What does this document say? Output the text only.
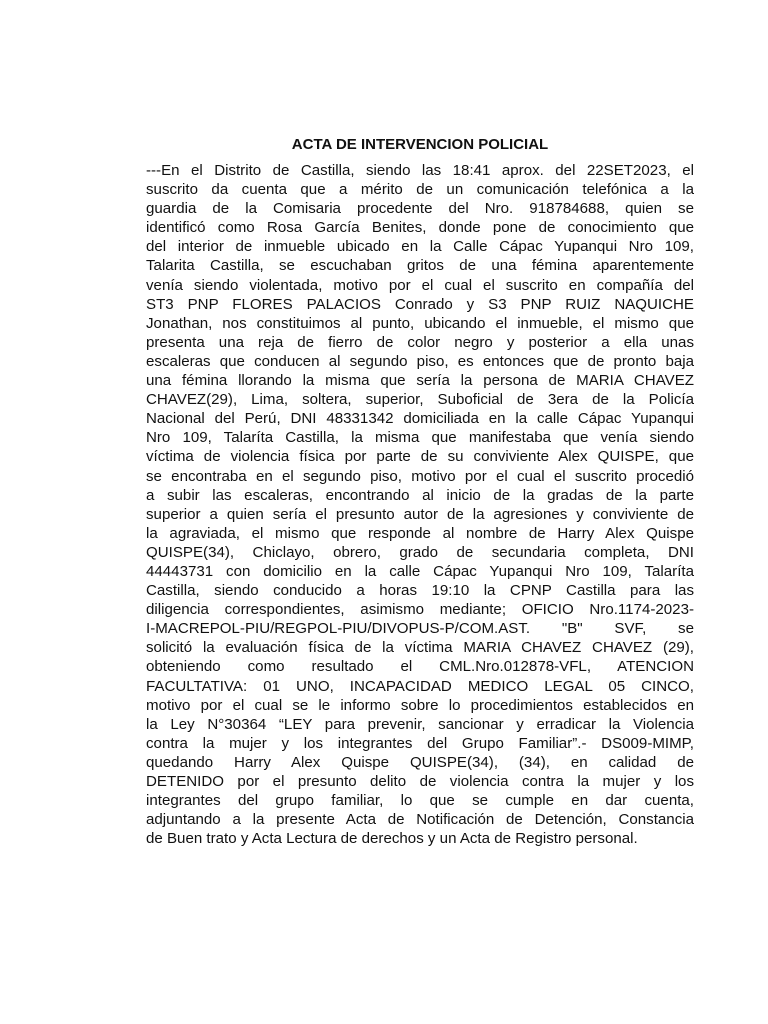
ACTA DE INTERVENCION POLICIAL
---En el Distrito de Castilla, siendo las 18:41 aprox. del 22SET2023, el
suscrito da cuenta que a mérito de un comunicación telefónica a la
guardia de la Comisaria procedente del Nro. 918784688, quien se
identificó como Rosa García Benites, donde pone de conocimiento que
del interior de inmueble ubicado en la Calle Cápac Yupanqui Nro 109,
Talarita Castilla, se escuchaban gritos de una fémina aparentemente
venía siendo violentada, motivo por el cual el suscrito en compañía del
ST3 PNP FLORES PALACIOS Conrado y S3 PNP RUIZ NAQUICHE
Jonathan, nos constituimos al punto, ubicando el inmueble, el mismo que
presenta una reja de fierro de color negro y posterior a ella unas
escaleras que conducen al segundo piso, es entonces que de pronto baja
una fémina llorando la misma que sería la persona de MARIA CHAVEZ
CHAVEZ(29), Lima, soltera, superior, Suboficial de 3era de la Policía
Nacional del Perú, DNI 48331342 domiciliada en la calle Cápac Yupanqui
Nro 109, Talaríta Castilla, la misma que manifestaba que venía siendo
víctima de violencia física por parte de su conviviente Alex QUISPE, que
se encontraba en el segundo piso, motivo por el cual el suscrito procedió
a subir las escaleras, encontrando al inicio de la gradas de la parte
superior a quien sería el presunto autor de la agresiones y conviviente de
la agraviada, el mismo que responde al nombre de Harry Alex Quispe
QUISPE(34), Chiclayo, obrero, grado de secundaria completa, DNI
44443731 con domicilio en la calle Cápac Yupanqui Nro 109, Talaríta
Castilla, siendo conducido a horas 19:10 la CPNP Castilla para las
diligencia correspondientes, asimismo mediante; OFICIO Nro.1174-2023-
I-MACREPOL-PIU/REGPOL-PIU/DIVOPUS-P/COM.AST. "B" SVF, se
solicitó la evaluación física de la víctima MARIA CHAVEZ CHAVEZ (29),
obteniendo como resultado el CML.Nro.012878-VFL, ATENCION
FACULTATIVA: 01 UNO, INCAPACIDAD MEDICO LEGAL 05 CINCO,
motivo por el cual se le informo sobre lo procedimientos establecidos en
la Ley N°30364 “LEY para prevenir, sancionar y erradicar la Violencia
contra la mujer y los integrantes del Grupo Familiar”.- DS009-MIMP,
quedando Harry Alex Quispe QUISPE(34), (34), en calidad de
DETENIDO por el presunto delito de violencia contra la mujer y los
integrantes del grupo familiar, lo que se cumple en dar cuenta,
adjuntando a la presente Acta de Notificación de Detención, Constancia
de Buen trato y Acta Lectura de derechos y un Acta de Registro personal.
